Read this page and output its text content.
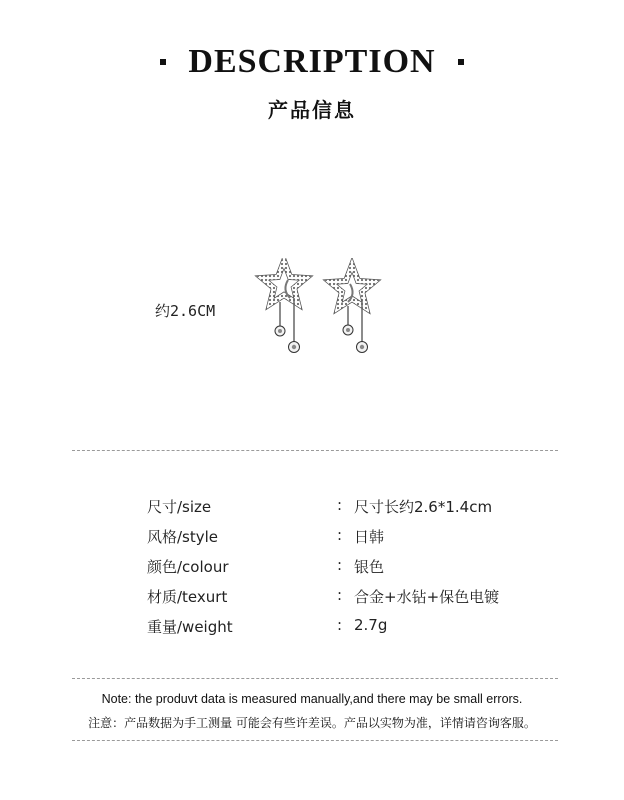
DESCRIPTION
产品信息
约2.6CM
尺寸/size	: 尺寸长约2.6*1.4cm
风格/style	: 日韩
颜色/colour	: 银色
材质/texurt	: 合金+水钻+保色电镀
重量/weight	: 2.7g
Note: the produvt data is measured manually,and there may be small errors.
注意：产品数据为手工测量 可能会有些许差误。产品以实物为准，详情请咨询客服。
